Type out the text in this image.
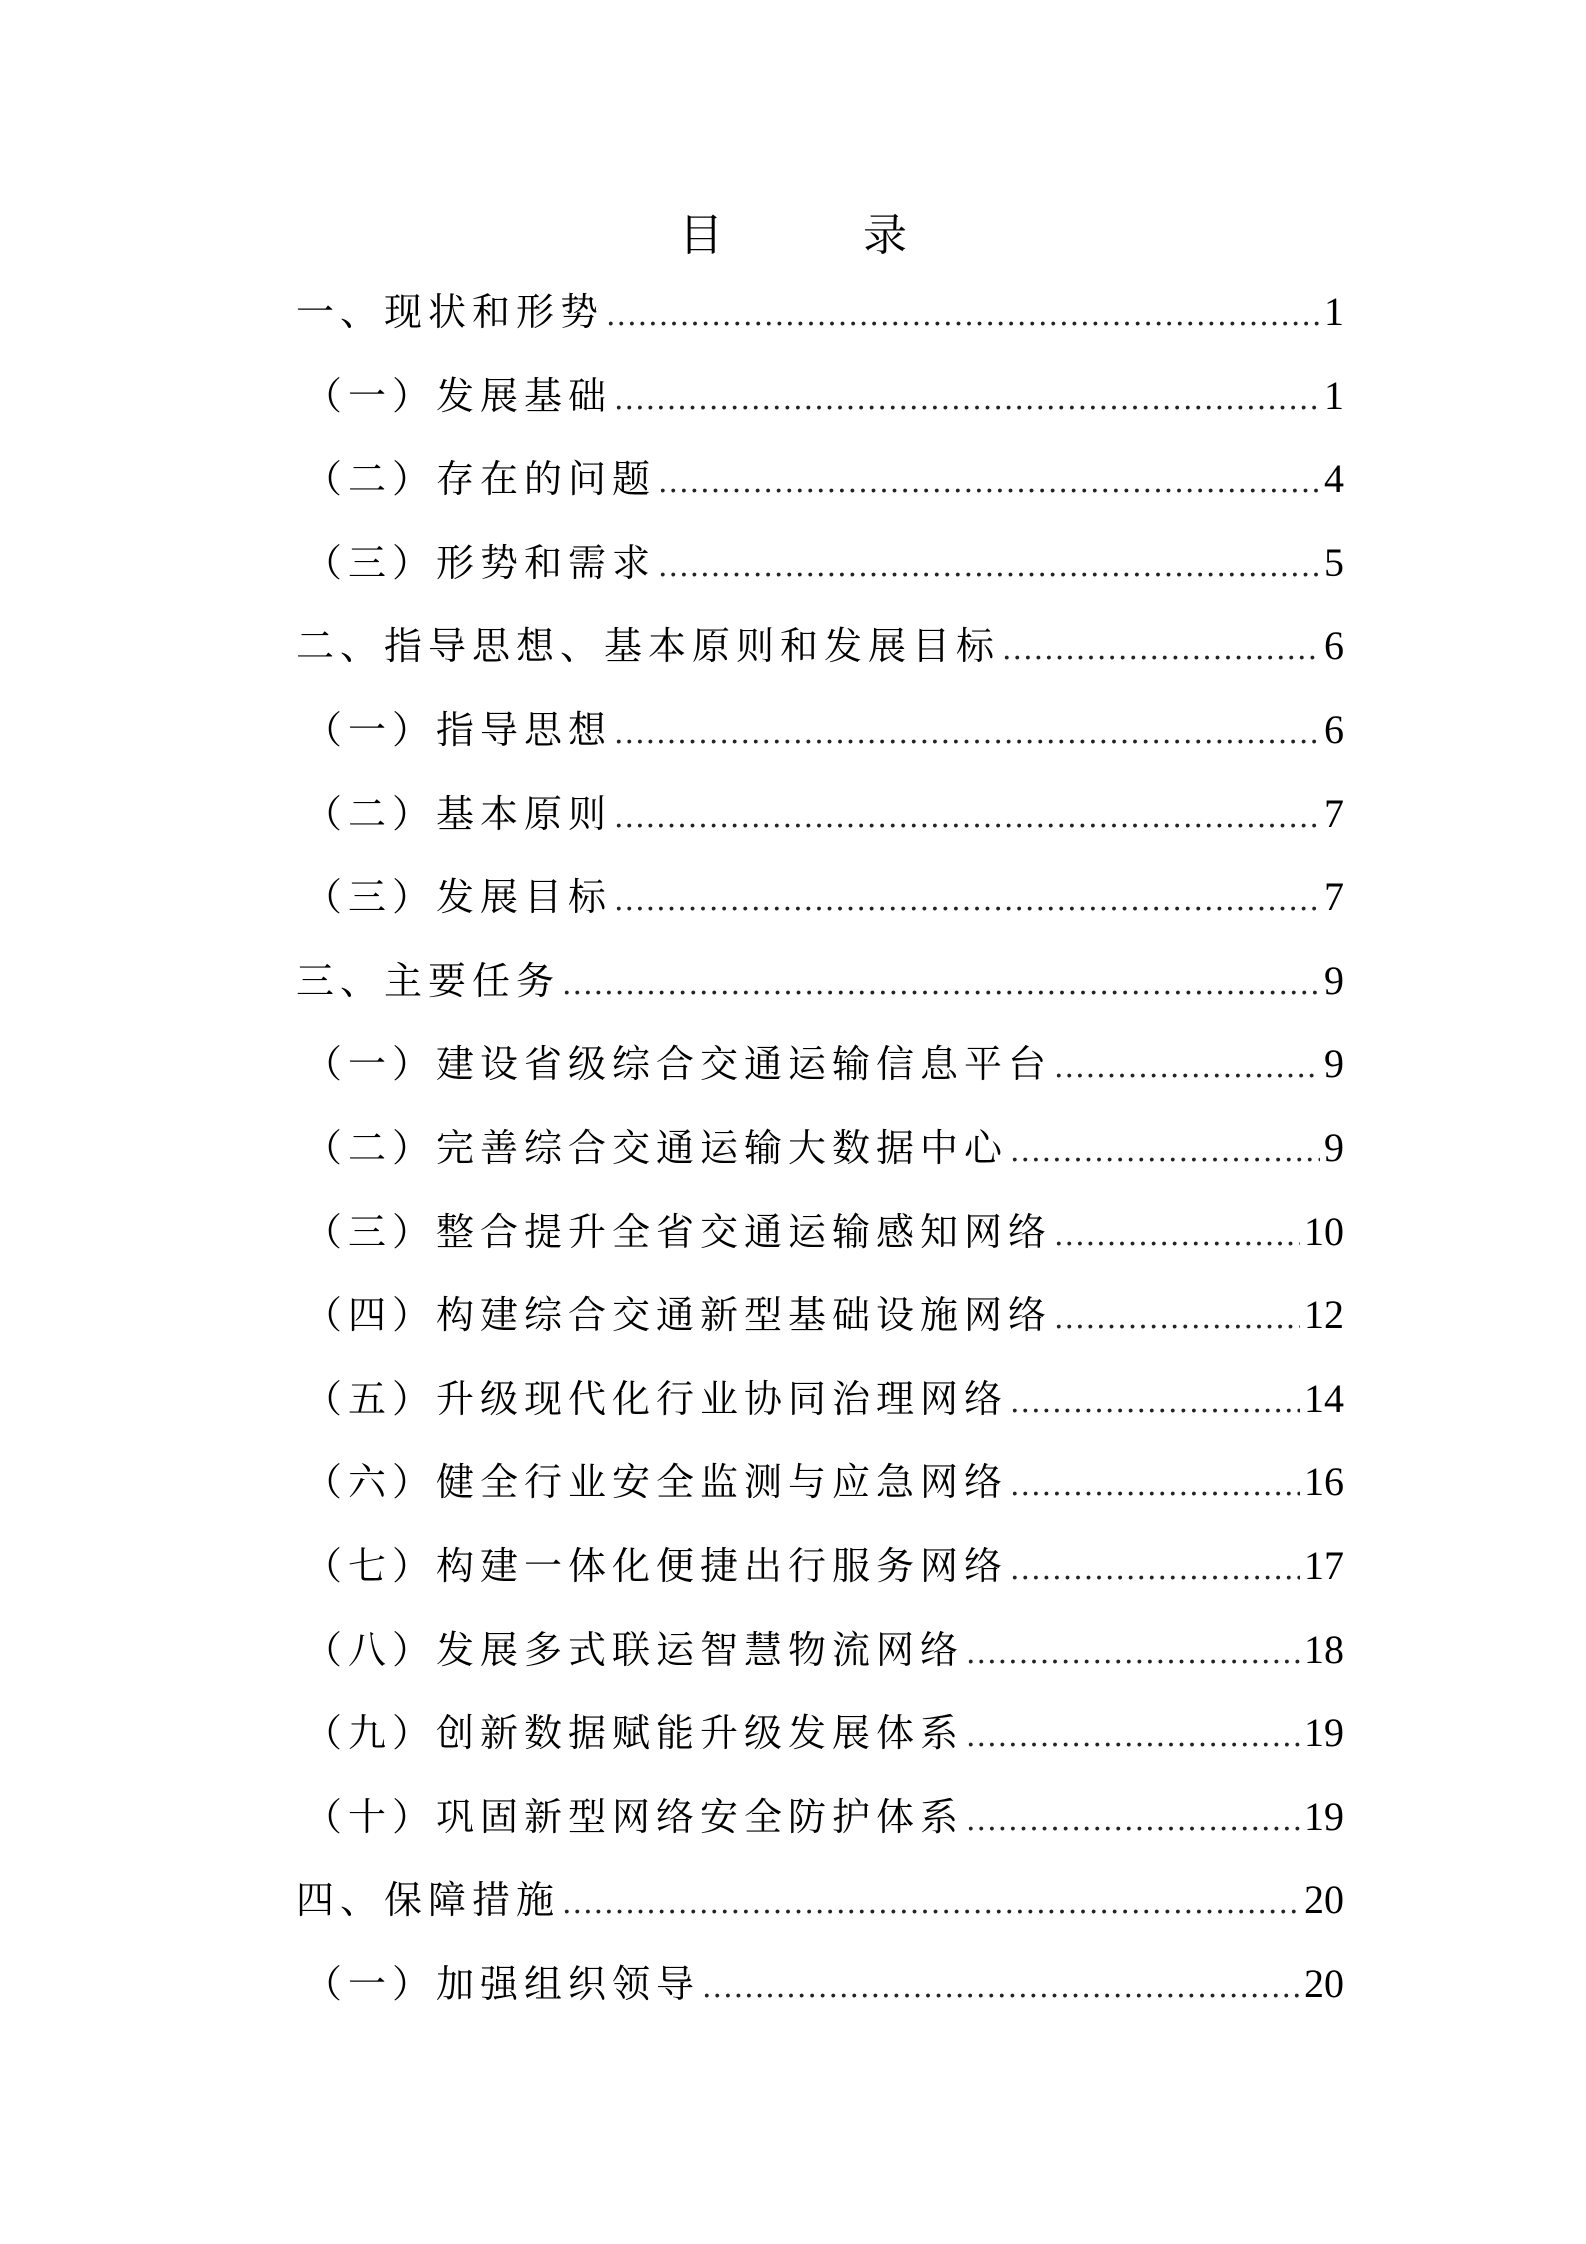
目　录
一、现状和形势 .....	1
（一）发展基础 .....	1
（二）存在的问题 .....	4
（三）形势和需求 .....	5
二、指导思想、基本原则和发展目标 .....	6
（一）指导思想 .....	6
（二）基本原则 .....	7
（三）发展目标 .....	7
三、主要任务 .....	9
（一）建设省级综合交通运输信息平台 .....	9
（二）完善综合交通运输大数据中心 .....	9
（三）整合提升全省交通运输感知网络 .....	10
（四）构建综合交通新型基础设施网络 .....	12
（五）升级现代化行业协同治理网络 .....	14
（六）健全行业安全监测与应急网络 .....	16
（七）构建一体化便捷出行服务网络 .....	17
（八）发展多式联运智慧物流网络 .....	18
（九）创新数据赋能升级发展体系 .....	19
（十）巩固新型网络安全防护体系 .....	19
四、保障措施 .....	20
（一）加强组织领导 .....	20
